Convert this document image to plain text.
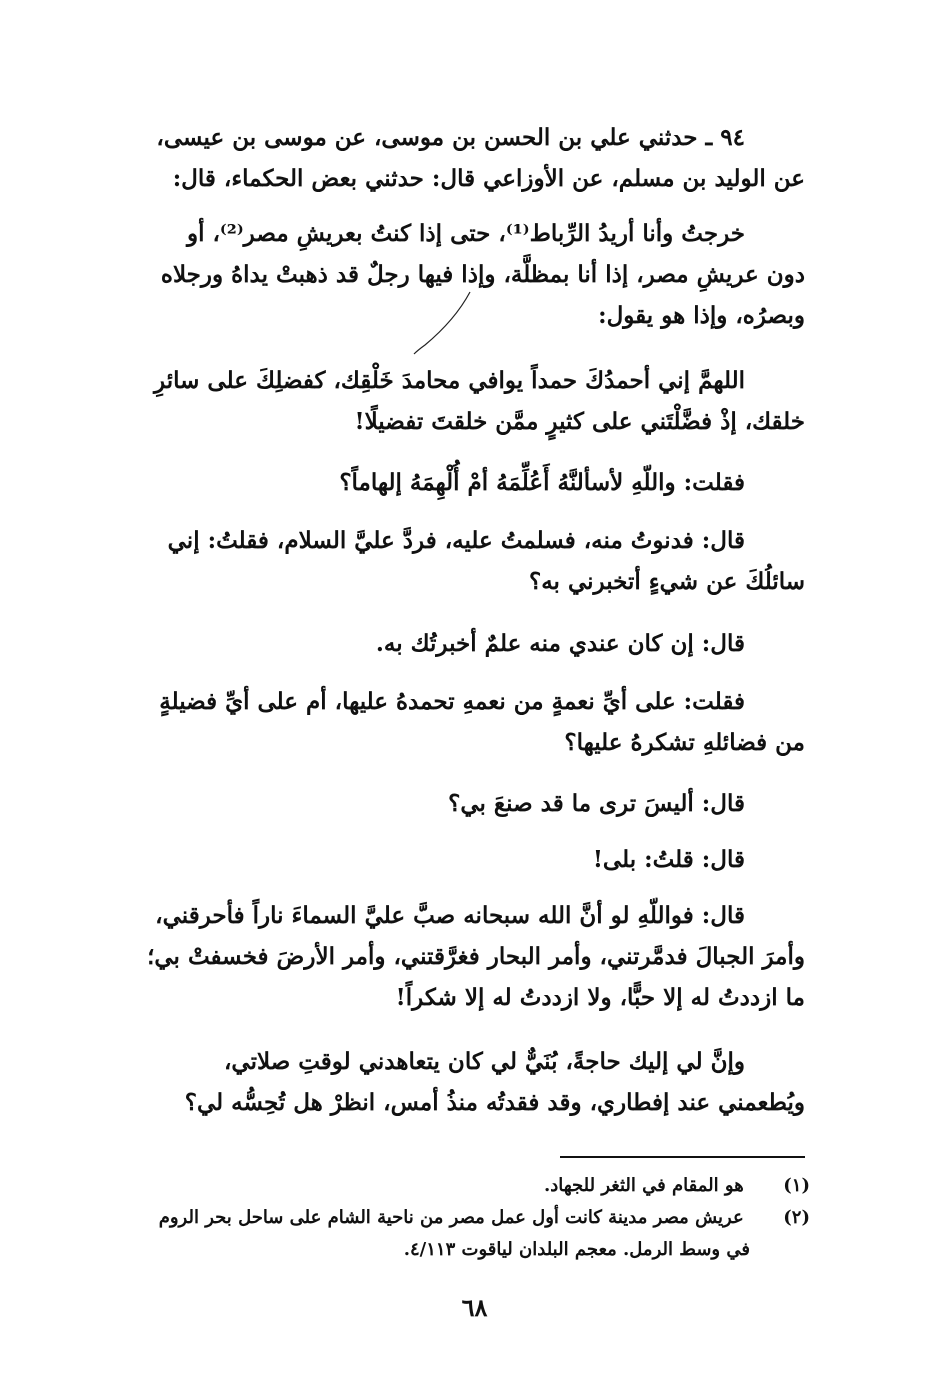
٩٤ ـ حدثني علي بن الحسن بن موسى، عن موسى بن عيسى،
عن الوليد بن مسلم، عن الأوزاعي قال: حدثني بعض الحكماء، قال:
خرجتُ وأنا أريدُ الرِّباط⁽¹⁾، حتى إذا كنتُ بعريشِ مصر⁽²⁾، أو
دون عريشِ مصر، إذا أنا بمظلَّة، وإذا فيها رجلٌ قد ذهبتْ يداهُ ورجلاه
وبصرُه، وإذا هو يقول:
اللهمَّ إني أحمدُكَ حمداً يوافي محامدَ خَلْقِك، كفضلِكَ على سائرِ
خلقك، إذْ فضَّلْتَني على كثيرٍ ممَّن خلقتَ تفضيلًا!
فقلت: واللّهِ لأسألنَّهُ أَعُلِّمَهُ أمْ أُلْهِمَهُ إلهاماً؟
قال: فدنوتُ منه، فسلمتُ عليه، فردَّ عليَّ السلام، فقلتُ: إني
سائلُكَ عن شيءٍ أتخبرني به؟
قال: إن كان عندي منه علمٌ أخبرتُك به.
فقلت: على أيِّ نعمةٍ من نعمهِ تحمدهُ عليها، أم على أيِّ فضيلةٍ
من فضائلهِ تشكرهُ عليها؟
قال: أليسَ ترى ما قد صنعَ بي؟
قال: قلتُ: بلى!
قال: فواللّهِ لو أنَّ الله سبحانه صبَّ عليَّ السماءَ ناراً فأحرقني،
وأمرَ الجبالَ فدمَّرتني، وأمر البحار فغرَّقتني، وأمر الأرضَ فخسفتْ بي؛
ما ازددتُ له إلا حبًّا، ولا ازددتُ له إلا شكراً!
وإنَّ لي إليك حاجةً، بُنَيٌّ لي كان يتعاهدني لوقتِ صلاتي،
ويُطعمني عند إفطاري، وقد فقدتُه منذُ أمس، انظرْ هل تُحِسُّه لي؟
(١) هو المقام في الثغر للجهاد.
(٢) عريش مصر مدينة كانت أول عمل مصر من ناحية الشام على ساحل بحر الروم
في وسط الرمل. معجم البلدان لياقوت ٤/١١٣.
٦٨
